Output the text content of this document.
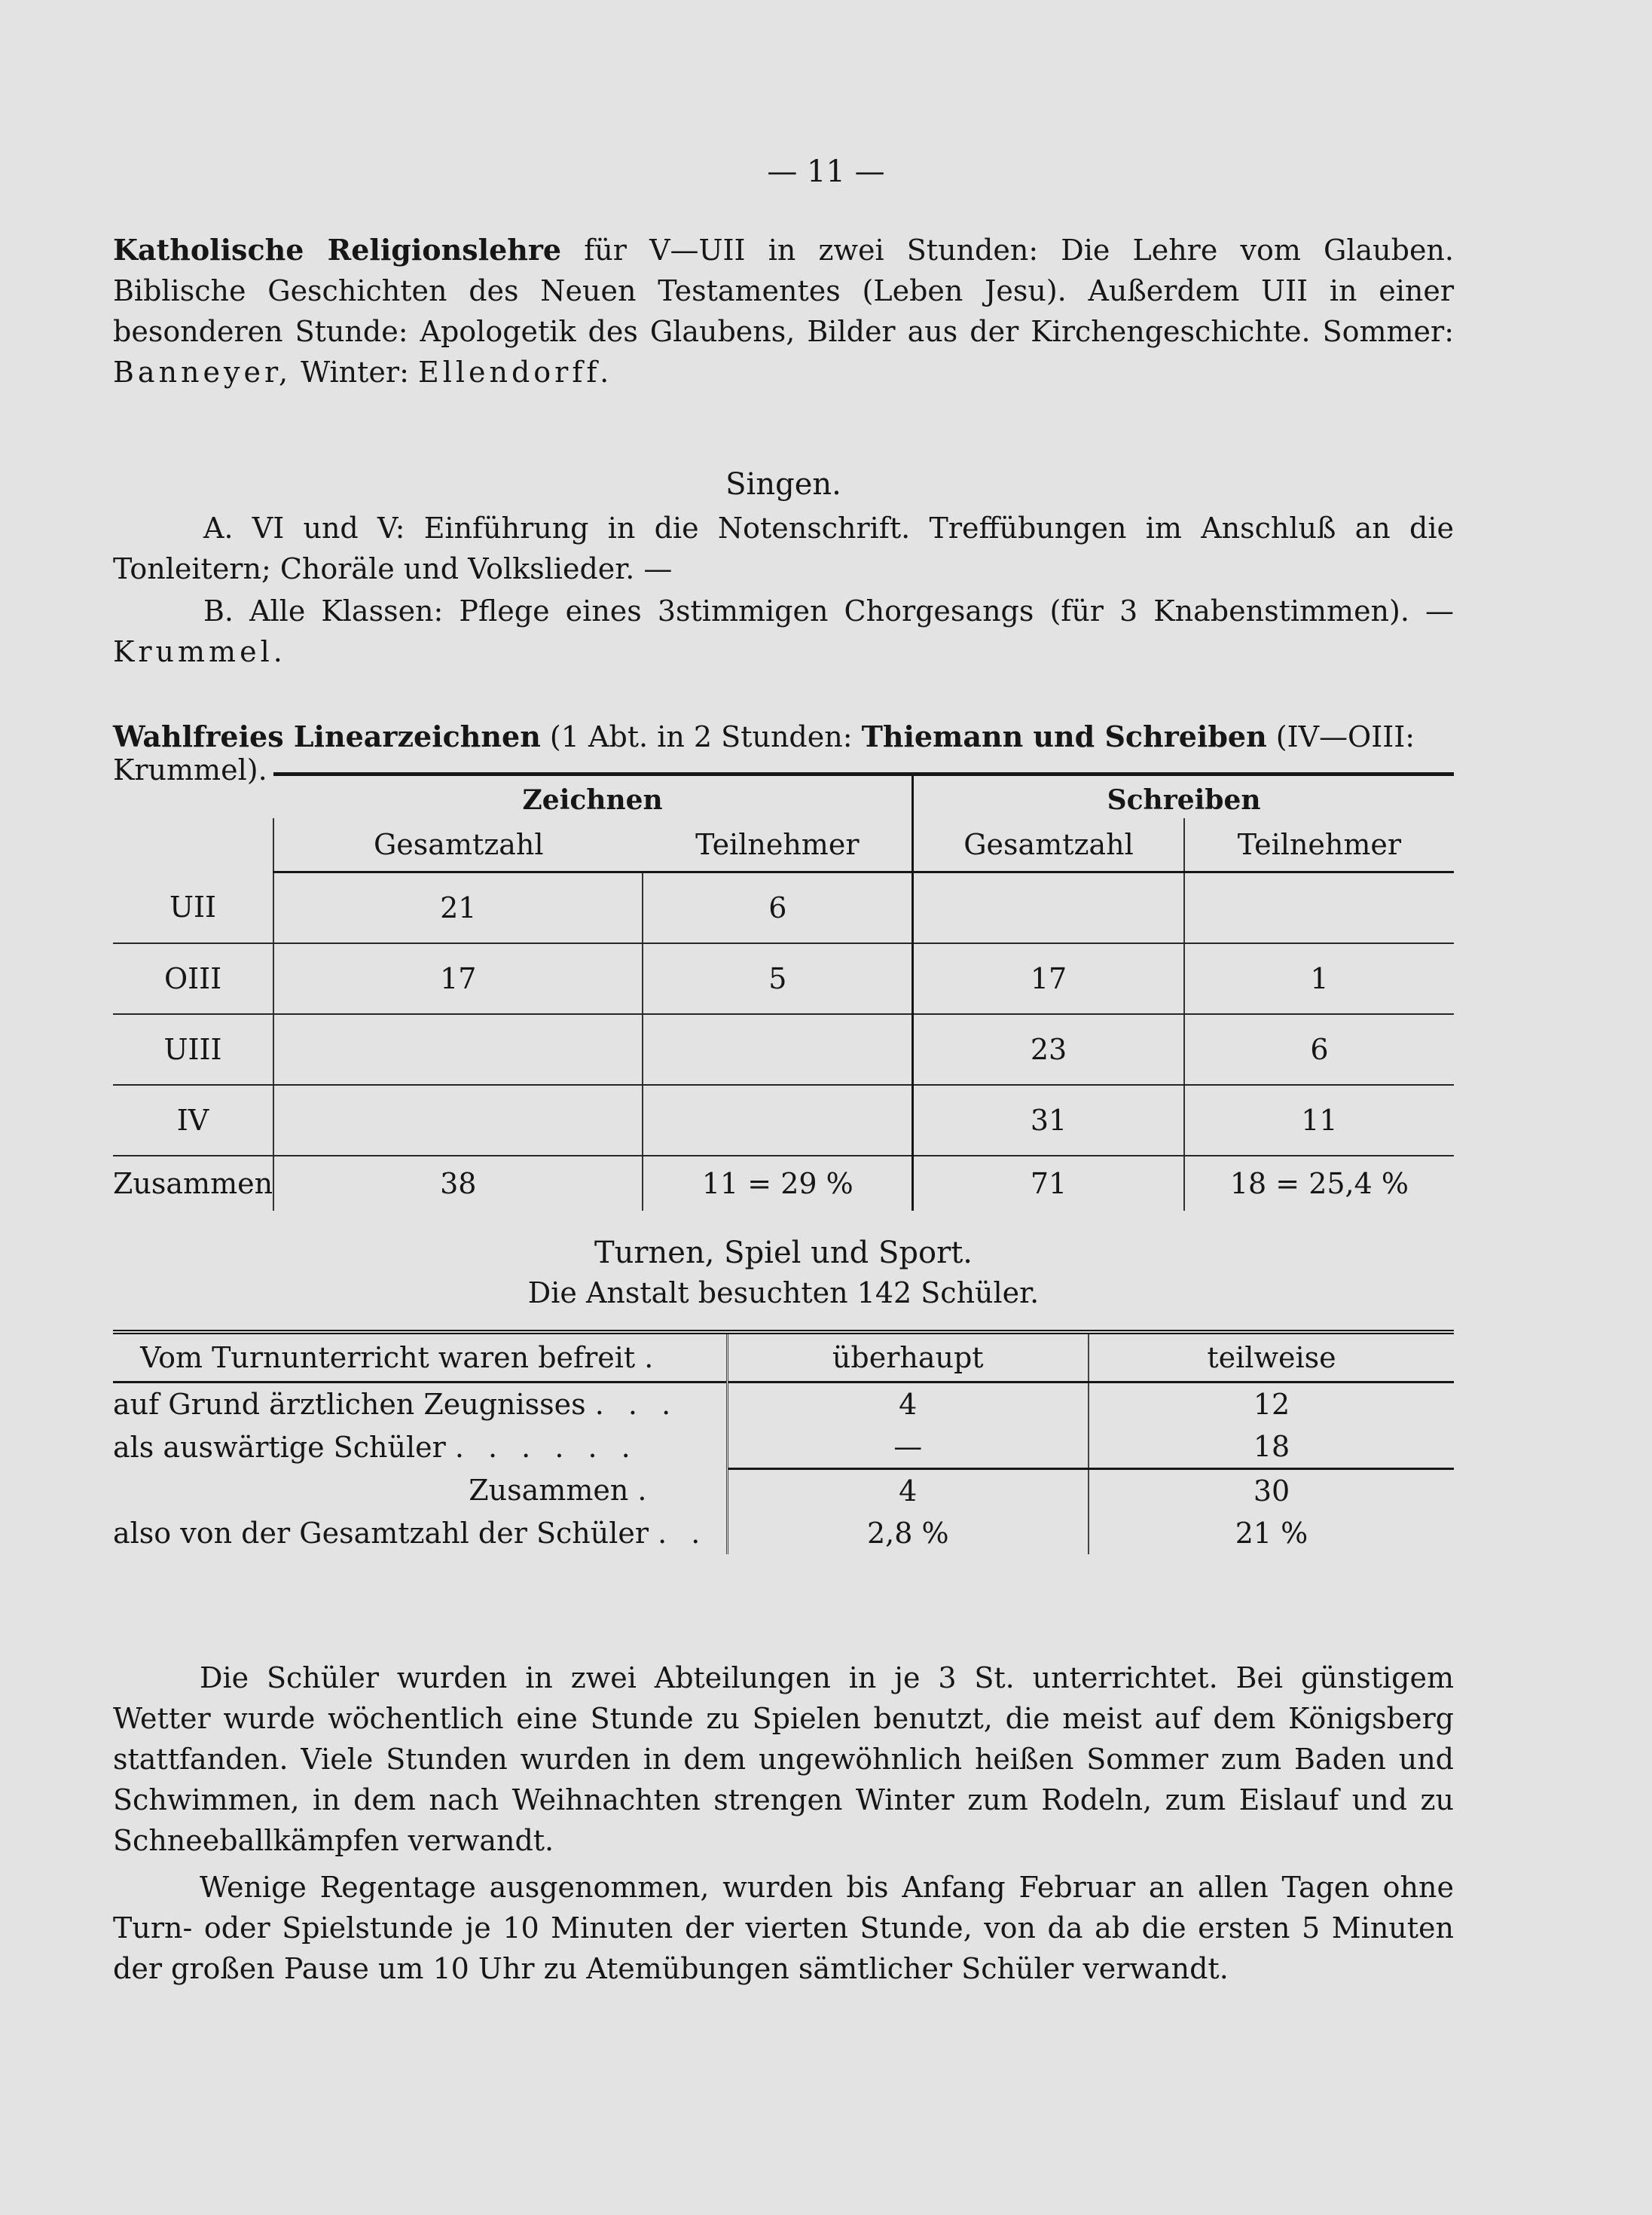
— 11 —

Katholische Religionslehre für V—UII in zwei Stunden: Die Lehre vom Glauben. Biblische Geschichten des Neuen Testamentes (Leben Jesu). Außerdem UII in einer besonderen Stunde: Apologetik des Glaubens, Bilder aus der Kirchengeschichte. Sommer: Banneyer, Winter: Ellendorff.

Singen.

A. VI und V: Einführung in die Notenschrift. Treffübungen im Anschluß an die Tonleitern; Choräle und Volkslieder. —

B. Alle Klassen: Pflege eines 3stimmigen Chorgesangs (für 3 Knabenstimmen). — Krummel.

Wahlfreies Linearzeichnen (1 Abt. in 2 Stunden: Thiemann und Schreiben (IV—OIII: Krummel).
	Zeichnen		Schreiben	
	Gesamtzahl	Teilnehmer	Gesamtzahl	Teilnehmer
UII	21	6		
OIII	17	5	17	1
UIII			23	6
IV			31	11
Zusammen	38	11 = 29 %	71	18 = 25,4 %
Turnen, Spiel und Sport.
Die Anstalt besuchten 142 Schüler.

Vom Turnunterricht waren befreit .	überhaupt	teilweise
auf Grund ärztlichen Zeugnisses . . .	4	12
als auswärtige Schüler . . . . . .	—	18
Zusammen .	4	30
also von der Gesamtzahl der Schüler . .	2,8 %	21 %

Die Schüler wurden in zwei Abteilungen in je 3 St. unterrichtet. Bei günstigem Wetter wurde wöchentlich eine Stunde zu Spielen benutzt, die meist auf dem Königsberg stattfanden. Viele Stunden wurden in dem ungewöhnlich heißen Sommer zum Baden und Schwimmen, in dem nach Weihnachten strengen Winter zum Rodeln, zum Eislauf und zu Schneeballkämpfen verwandt.

Wenige Regentage ausgenommen, wurden bis Anfang Februar an allen Tagen ohne Turn- oder Spielstunde je 10 Minuten der vierten Stunde, von da ab die ersten 5 Minuten der großen Pause um 10 Uhr zu Atemübungen sämtlicher Schüler verwandt.
